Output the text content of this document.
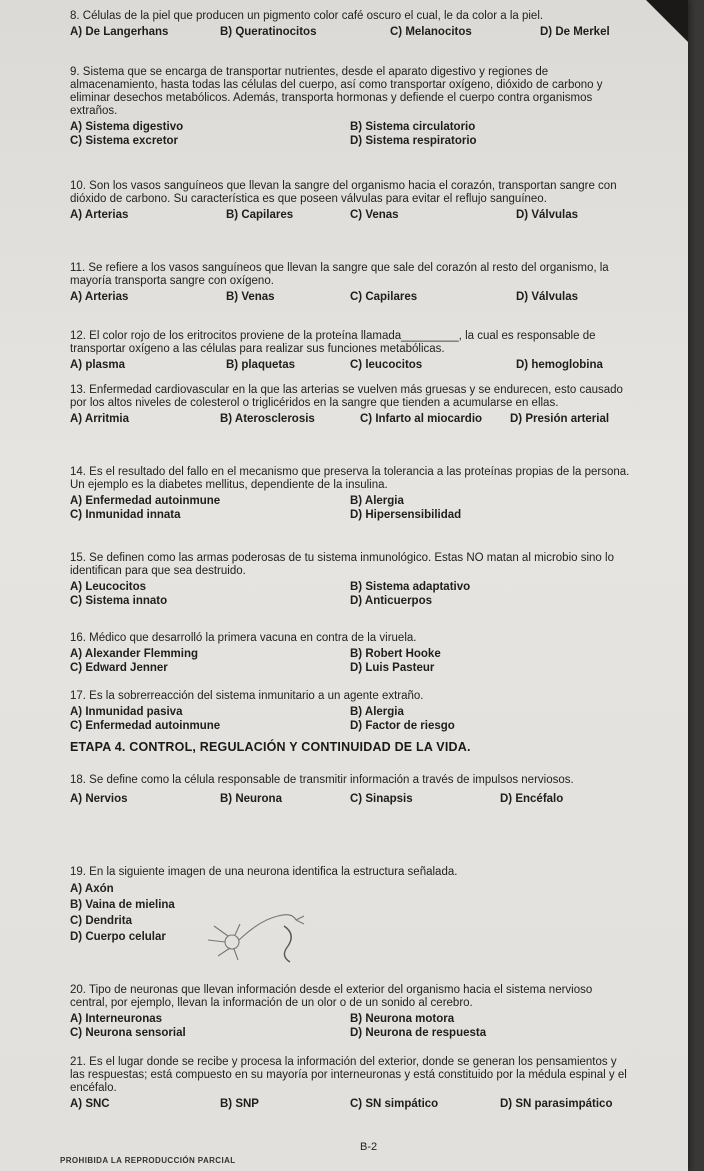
8. Células de la piel que producen un pigmento color café oscuro el cual, le da color a la piel.

A) De Langerhans	B) Queratinocitos	C) Melanocitos	D) De Merkel

9. Sistema que se encarga de transportar nutrientes, desde el aparato digestivo y regiones de almacenamiento, hasta todas las células del cuerpo, así como transportar oxígeno, dióxido de carbono y eliminar desechos metabólicos. Además, transporta hormonas y defiende el cuerpo contra organismos extraños.

A) Sistema digestivo	B) Sistema circulatorio
C) Sistema excretor	D) Sistema respiratorio

10. Son los vasos sanguíneos que llevan la sangre del organismo hacia el corazón, transportan sangre con dióxido de carbono. Su característica es que poseen válvulas para evitar el reflujo sanguíneo.

A) Arterias	B) Capilares	C) Venas	D) Válvulas

11. Se refiere a los vasos sanguíneos que llevan la sangre que sale del corazón al resto del organismo, la mayoría transporta sangre con oxígeno.

A) Arterias	B) Venas	C) Capilares	D) Válvulas

12. El color rojo de los eritrocitos proviene de la proteína llamada_________, la cual es responsable de transportar oxígeno a las células para realizar sus funciones metabólicas.

A) plasma	B) plaquetas	C) leucocitos	D) hemoglobina

13. Enfermedad cardiovascular en la que las arterias se vuelven más gruesas y se endurecen, esto causado por los altos niveles de colesterol o triglicéridos en la sangre que tienden a acumularse en ellas.

A) Arritmia	B) Aterosclerosis	C) Infarto al miocardio	D) Presión arterial

14. Es el resultado del fallo en el mecanismo que preserva la tolerancia a las proteínas propias de la persona. Un ejemplo es la diabetes mellitus, dependiente de la insulina.

A) Enfermedad autoinmune	B) Alergia
C) Inmunidad innata	D) Hipersensibilidad

15. Se definen como las armas poderosas de tu sistema inmunológico. Estas NO matan al microbio sino lo identifican para que sea destruido.

A) Leucocitos	B) Sistema adaptativo
C) Sistema innato	D) Anticuerpos

16. Médico que desarrolló la primera vacuna en contra de la viruela.

A) Alexander Flemming	B) Robert Hooke
C) Edward Jenner	D) Luis Pasteur

17. Es la sobrerreacción del sistema inmunitario a un agente extraño.

A) Inmunidad pasiva	B) Alergia
C) Enfermedad autoinmune	D) Factor de riesgo
ETAPA 4. CONTROL, REGULACIÓN Y CONTINUIDAD DE LA VIDA.

18. Se define como la célula responsable de transmitir información a través de impulsos nerviosos.

A) Nervios	B) Neurona	C) Sinapsis	D) Encéfalo

19. En la siguiente imagen de una neurona identifica la estructura señalada.

A) Axón
B) Vaina de mielina
C) Dendrita
D) Cuerpo celular

20. Tipo de neuronas que llevan información desde el exterior del organismo hacia el sistema nervioso central, por ejemplo, llevan la información de un olor o de un sonido al cerebro.

A) Interneuronas	B) Neurona motora
C) Neurona sensorial	D) Neurona de respuesta

21. Es el lugar donde se recibe y procesa la información del exterior, donde se generan los pensamientos y las respuestas; está compuesto en su mayoría por interneuronas y está constituido por la médula espinal y el encéfalo.

A) SNC	B) SNP	C) SN simpático	D) SN parasimpático
B-2
PROHIBIDA LA REPRODUCCIÓN PARCIAL
